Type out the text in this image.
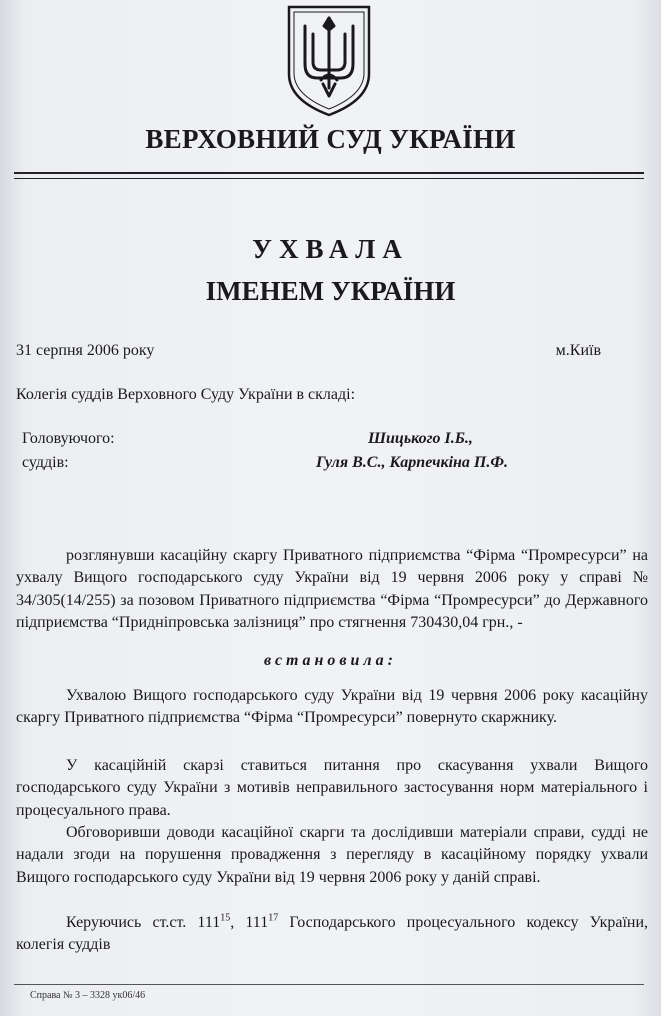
ВЕРХОВНИЙ СУД УКРАЇНИ
УХВАЛА
ІМЕНЕМ УКРАЇНИ
31 серпня 2006 року	м.Київ
Колегія суддів Верховного Суду України в складі:
Головуючого:	Шицького І.Б.,
суддів:	Гуля В.С., Карпечкіна П.Ф.
розглянувши касаційну скаргу Приватного підприємства “Фірма “Промресурси” на ухвалу Вищого господарського суду України від 19 червня 2006 року у справі № 34/305(14/255) за позовом Приватного підприємства “Фірма “Промресурси” до Державного підприємства “Придніпровська залізниця” про стягнення 730430,04 грн., -
встановила:
Ухвалою Вищого господарського суду України від 19 червня 2006 року касаційну скаргу Приватного підприємства “Фірма “Промресурси” повернуто скаржнику.
У касаційній скарзі ставиться питання про скасування ухвали Вищого господарського суду України з мотивів неправильного застосування норм матеріального і процесуального права.
Обговоривши доводи касаційної скарги та дослідивши матеріали справи, судді не надали згоди на порушення провадження з перегляду в касаційному порядку ухвали Вищого господарського суду України від 19 червня 2006 року у даній справі.
Керуючись ст.ст. $111^{15}$, $111^{17}$ Господарського процесуального кодексу України, колегія суддів
Справа № 3 – 3328 ук06/46
